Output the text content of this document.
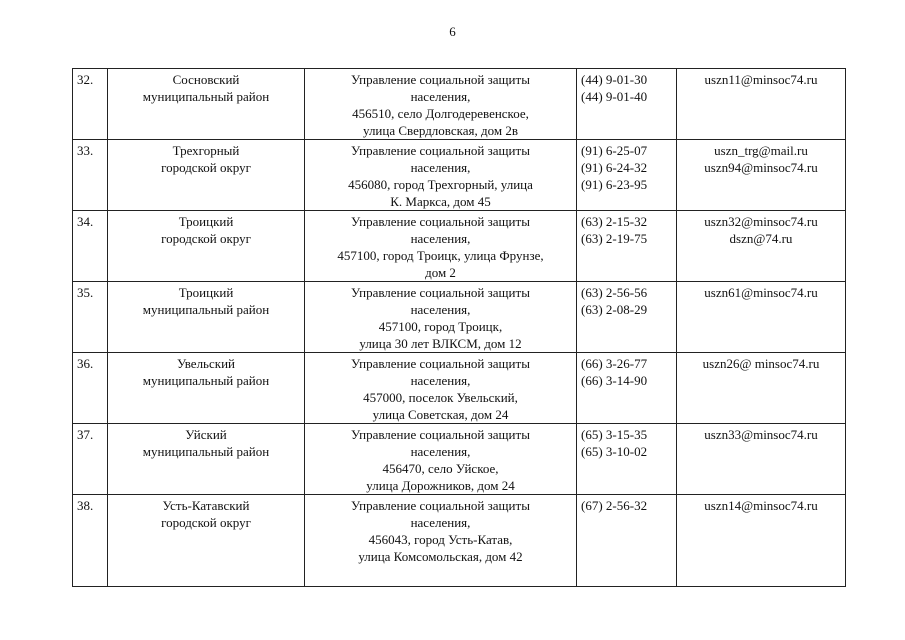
6
32.	Сосновский
муниципальный район	Управление социальной защиты
населения,
456510, село Долгодеревенское,
улица Свердловская, дом 2в	(44) 9-01-30
(44) 9-01-40	uszn11@minsoc74.ru

33.	Трехгорный
городской округ	Управление социальной защиты
населения,
456080, город Трехгорный, улица
К. Маркса, дом 45	(91) 6-25-07
(91) 6-24-32
(91) 6-23-95	uszn_trg@mail.ru
uszn94@minsoc74.ru

34.	Троицкий
городской округ	Управление социальной защиты
населения,
457100, город Троицк, улица Фрунзе,
дом 2	(63) 2-15-32
(63) 2-19-75	uszn32@minsoc74.ru
dszn@74.ru

35.	Троицкий
муниципальный район	Управление социальной защиты
населения,
457100, город Троицк,
улица 30 лет ВЛКСМ, дом 12	(63) 2-56-56
(63) 2-08-29	uszn61@minsoc74.ru

36.	Увельский
муниципальный район	Управление социальной защиты
населения,
457000, поселок Увельский,
улица Советская, дом 24	(66) 3-26-77
(66) 3-14-90	uszn26@ minsoc74.ru

37.	Уйский
муниципальный район	Управление социальной защиты
населения,
456470, село Уйское,
улица Дорожников, дом 24	(65) 3-15-35
(65) 3-10-02	uszn33@minsoc74.ru

38.	Усть-Катавский
городской округ	Управление социальной защиты
населения,
456043, город Усть-Катав,
улица Комсомольская, дом 42	(67) 2-56-32	uszn14@minsoc74.ru
